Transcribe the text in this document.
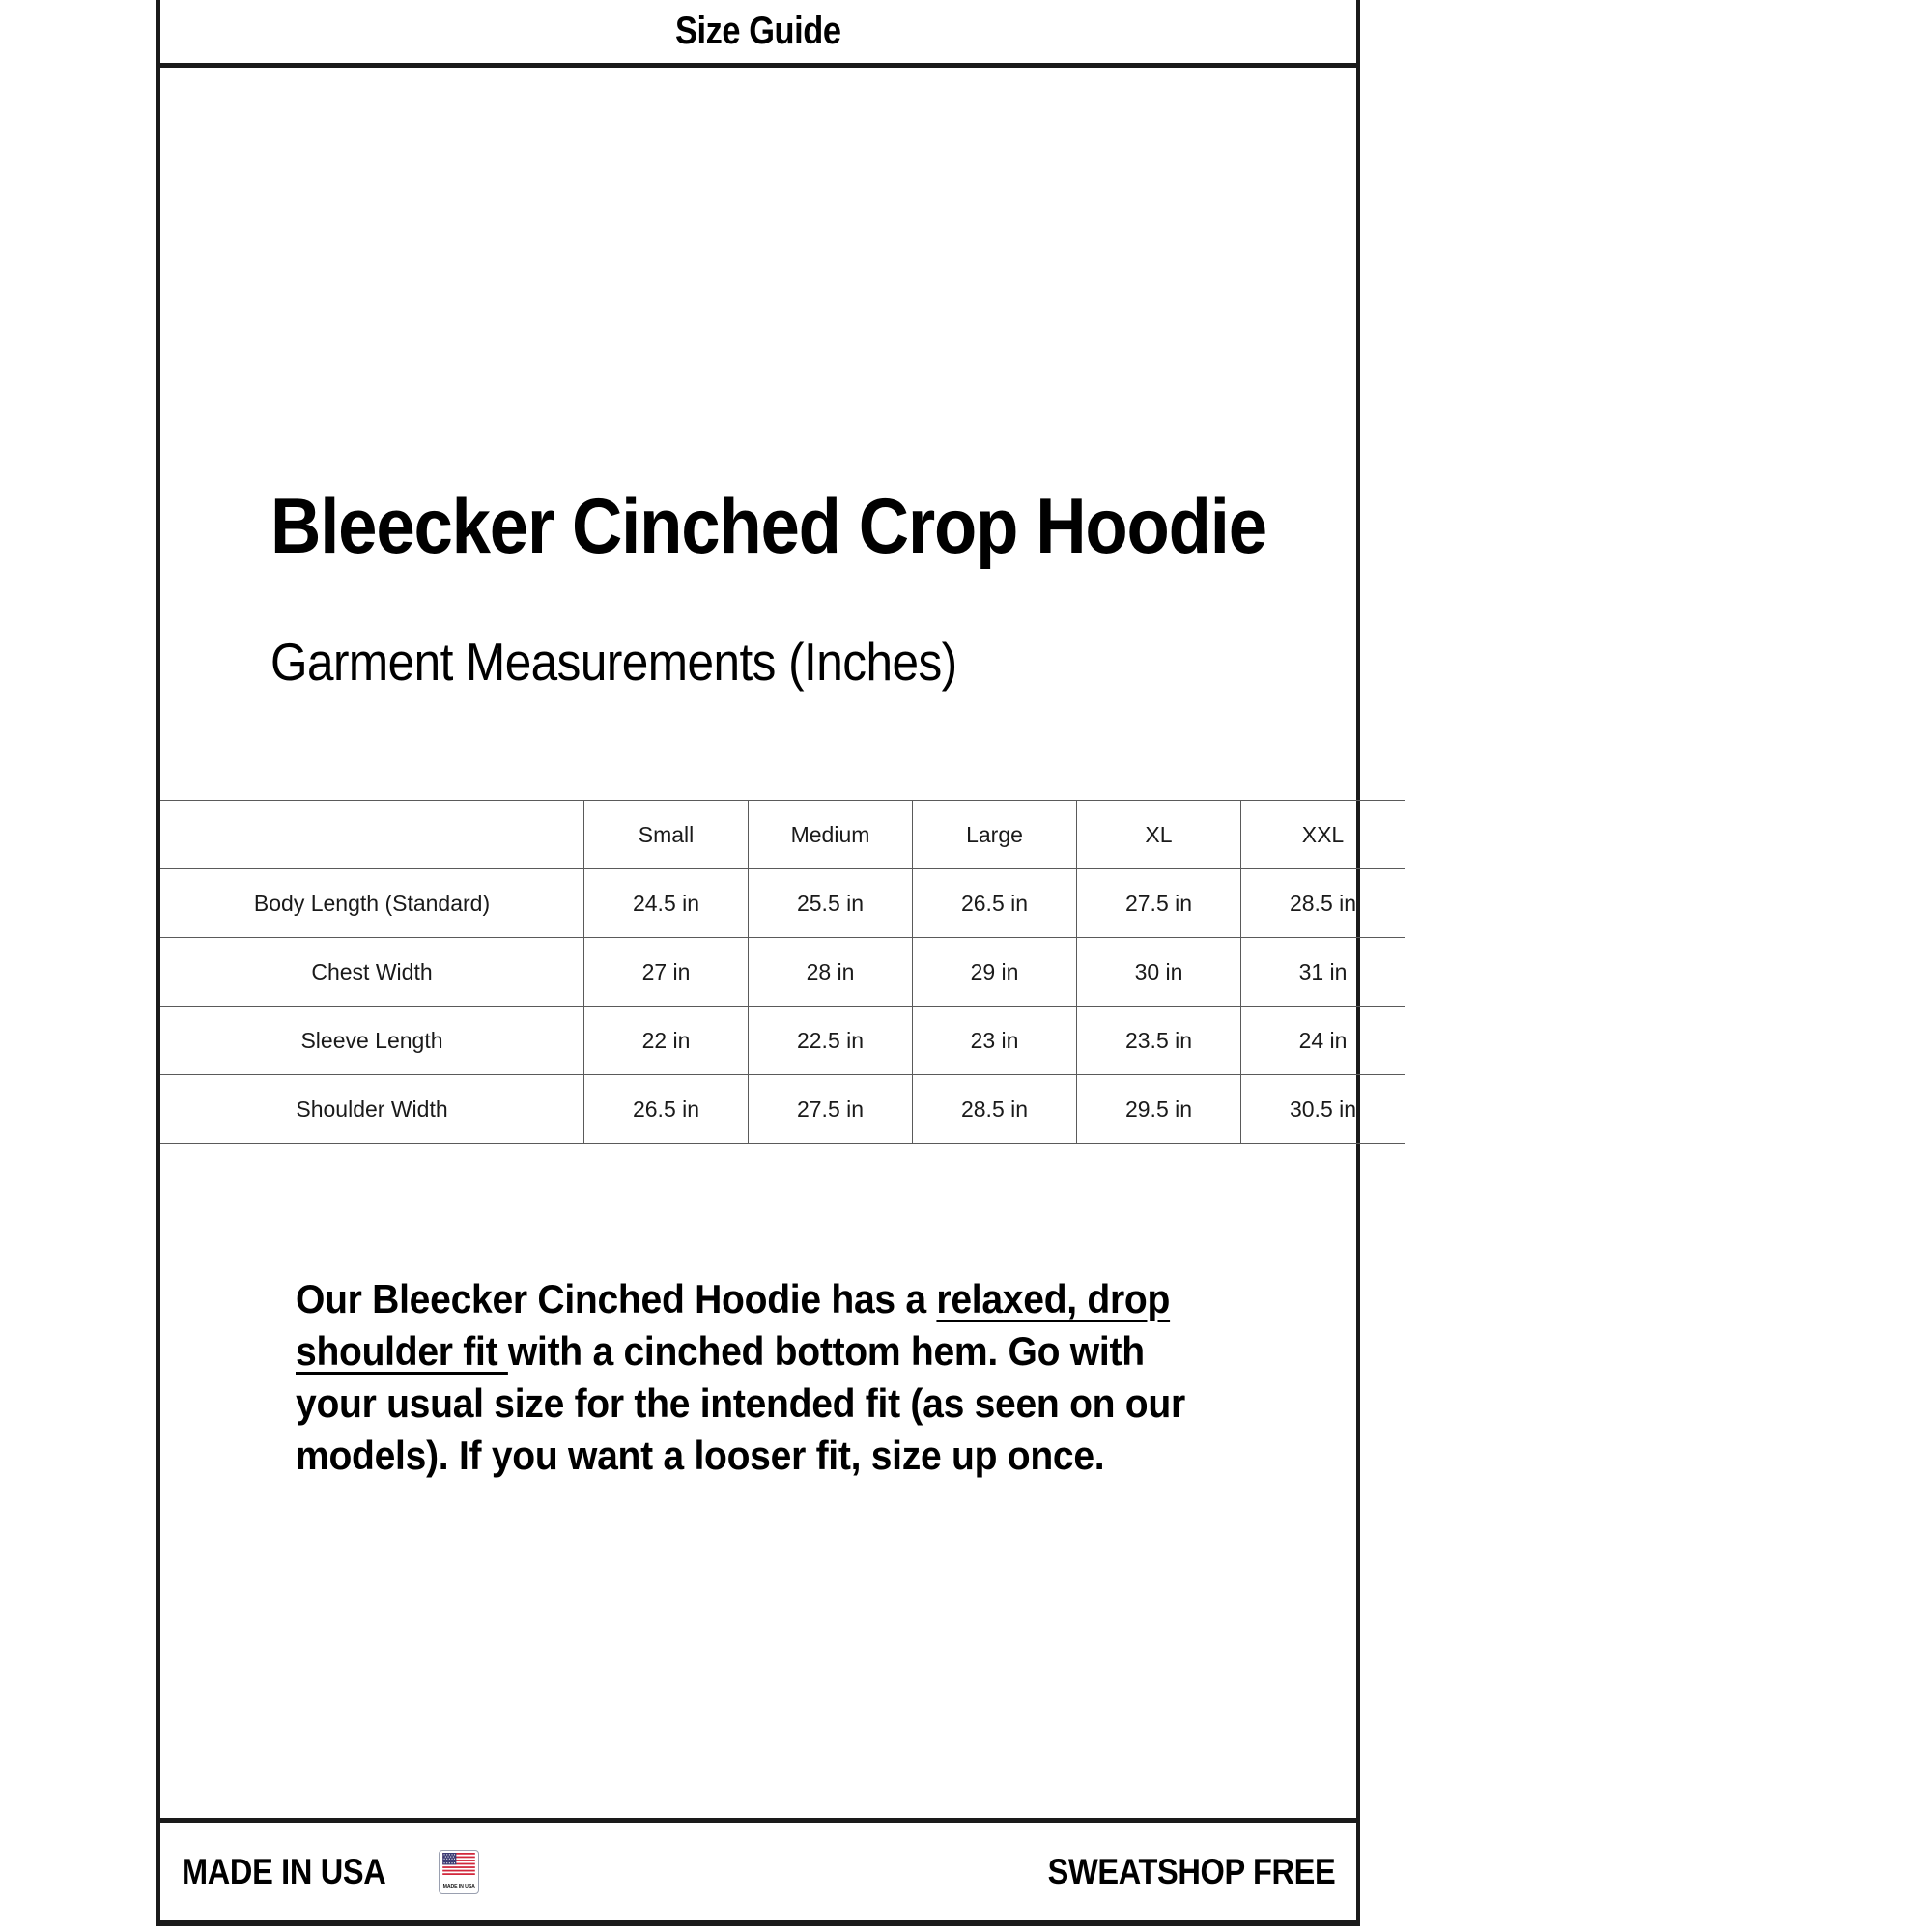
Size Guide
Bleecker Cinched Crop Hoodie
Garment Measurements (Inches)
	Small	Medium	Large	XL	XXL
Body Length (Standard)	24.5 in	25.5 in	26.5 in	27.5 in	28.5 in
Chest Width	27 in	28 in	29 in	30 in	31 in
Sleeve Length	22 in	22.5 in	23 in	23.5 in	24 in
Shoulder Width	26.5 in	27.5 in	28.5 in	29.5 in	30.5 in
Our Bleecker Cinched Hoodie has a relaxed, drop shoulder fit with a cinched bottom hem. Go with your usual size for the intended fit (as seen on our models). If you want a looser fit, size up once.
MADE IN USA	MADE IN USA	SWEATSHOP FREE
